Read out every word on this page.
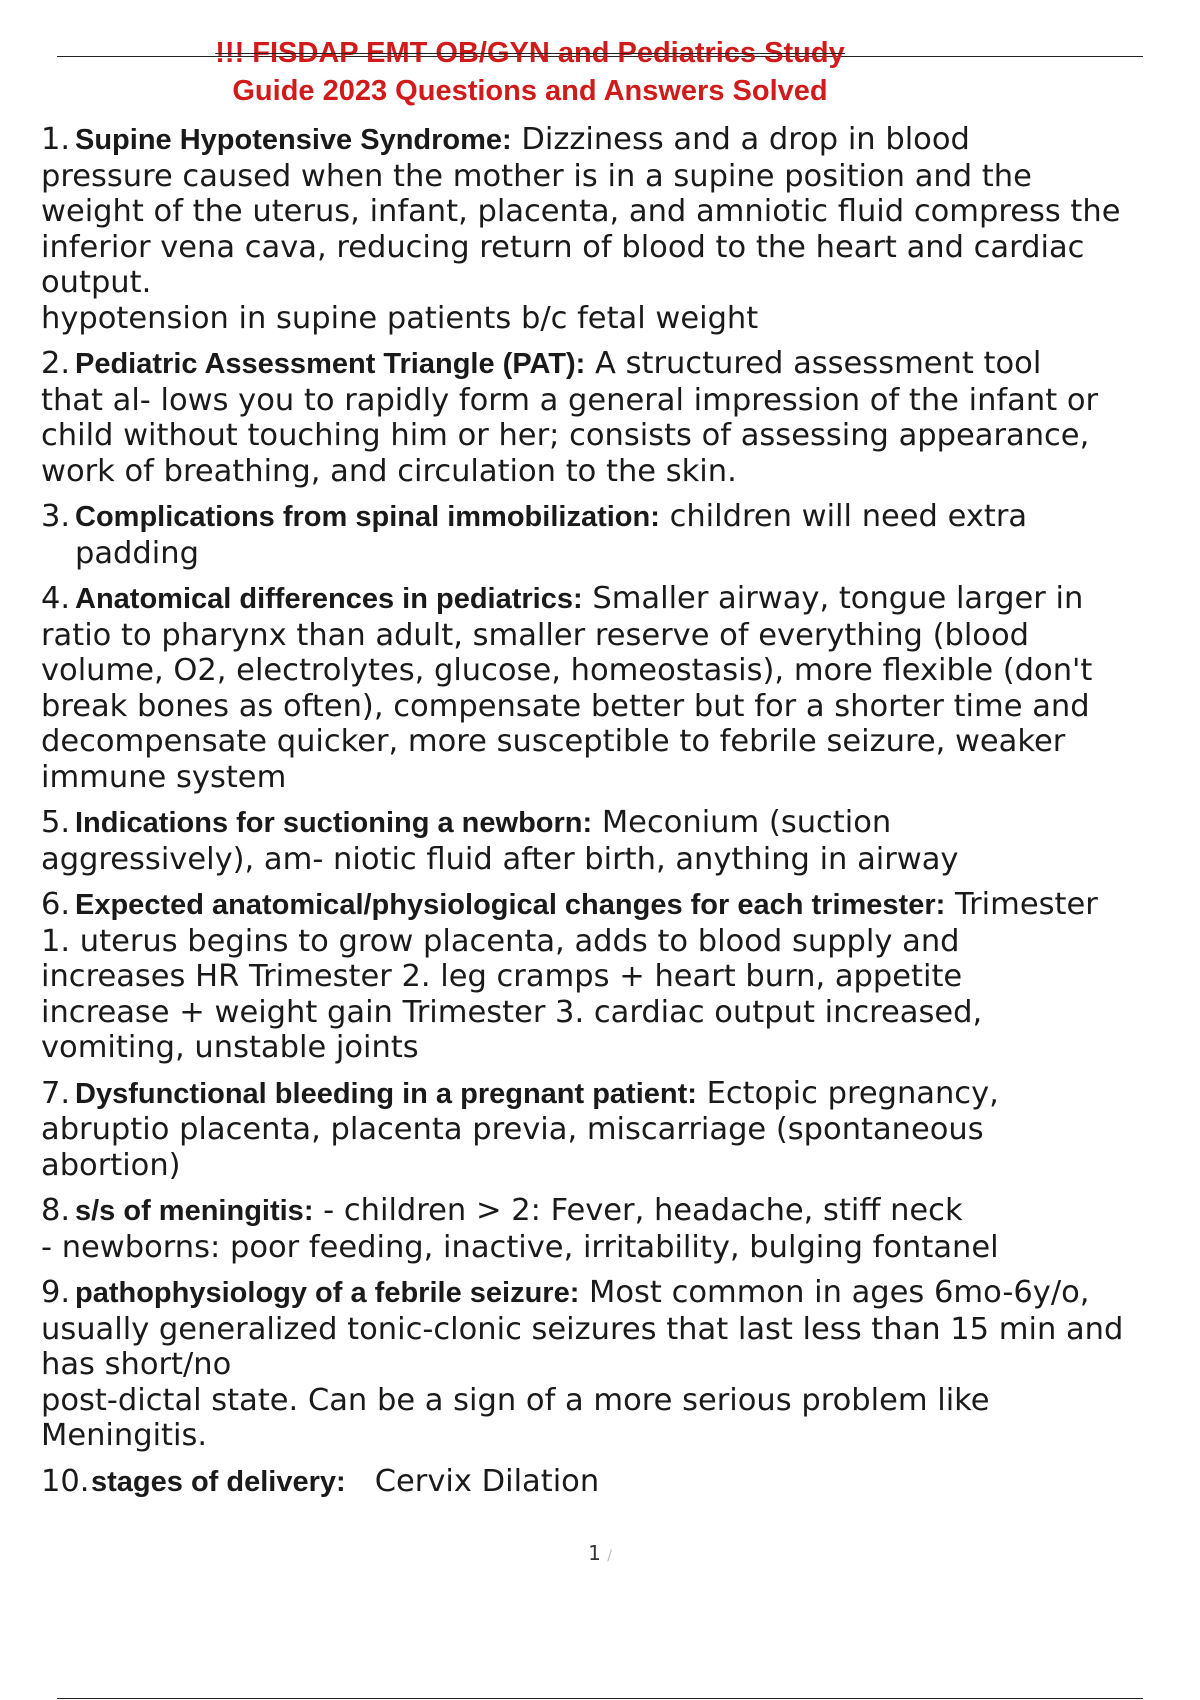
!!! FISDAP EMT OB/GYN and Pediatrics Study
Guide 2023 Questions and Answers Solved
1. Supine Hypotensive Syndrome: Dizziness and a drop in blood
pressure caused when the mother is in a supine position and the
weight of the uterus, infant, placenta, and amniotic fluid compress the
inferior vena cava, reducing return of blood to the heart and cardiac
output.
hypotension in supine patients b/c fetal weight
2. Pediatric Assessment Triangle (PAT): A structured assessment tool
that al- lows you to rapidly form a general impression of the infant or
child without touching him or her; consists of assessing appearance,
work of breathing, and circulation to the skin.
3. Complications from spinal immobilization: children will need extra

padding
4. Anatomical differences in pediatrics: Smaller airway, tongue larger in
ratio to pharynx than adult, smaller reserve of everything (blood
volume, O2, electrolytes, glucose, homeostasis), more flexible (don't
break bones as often), compensate better but for a shorter time and
decompensate quicker, more susceptible to febrile seizure, weaker
immune system
5. Indications for suctioning a newborn: Meconium (suction
aggressively), am- niotic fluid after birth, anything in airway
6. Expected anatomical/physiological changes for each trimester: Trimester
1. uterus begins to grow placenta, adds to blood supply and
increases HR Trimester 2. leg cramps + heart burn, appetite
increase + weight gain Trimester 3. cardiac output increased,
vomiting, unstable joints
7. Dysfunctional bleeding in a pregnant patient: Ectopic pregnancy,
abruptio placenta, placenta previa, miscarriage (spontaneous
abortion)
8. s/s of meningitis: - children > 2: Fever, headache, stiff neck
- newborns: poor feeding, inactive, irritability, bulging fontanel
9. pathophysiology of a febrile seizure: Most common in ages 6mo-6y/o,
usually generalized tonic-clonic seizures that last less than 15 min and
has short/no
post-dictal state. Can be a sign of a more serious problem like
Meningitis.
10.stages of delivery:   Cervix Dilation
1 /
